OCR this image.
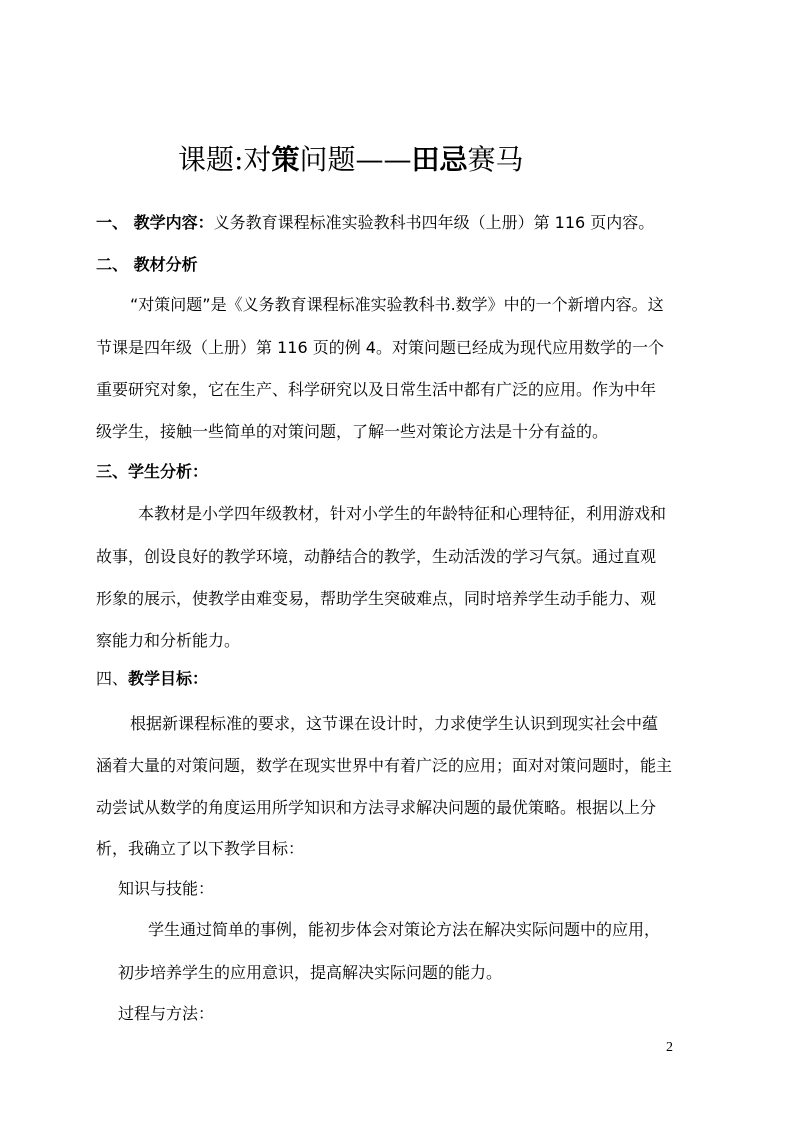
课题:对策问题——田忌赛马
一、 教学内容：义务教育课程标准实验教科书四年级（上册）第 116 页内容。
二、 教材分析
“对策问题”是《义务教育课程标准实验教科书.数学》中的一个新增内容。这
节课是四年级（上册）第 116 页的例 4。对策问题已经成为现代应用数学的一个
重要研究对象，它在生产、科学研究以及日常生活中都有广泛的应用。作为中年
级学生，接触一些简单的对策问题，了解一些对策论方法是十分有益的。
三、学生分析：
本教材是小学四年级教材，针对小学生的年龄特征和心理特征，利用游戏和
故事，创设良好的教学环境，动静结合的教学，生动活泼的学习气氛。通过直观
形象的展示，使教学由难变易，帮助学生突破难点，同时培养学生动手能力、观
察能力和分析能力。
四、教学目标：
根据新课程标准的要求，这节课在设计时，力求使学生认识到现实社会中蕴
涵着大量的对策问题，数学在现实世界中有着广泛的应用；面对对策问题时，能主
动尝试从数学的角度运用所学知识和方法寻求解决问题的最优策略。根据以上分
析，我确立了以下教学目标：
知识与技能：
学生通过简单的事例，能初步体会对策论方法在解决实际问题中的应用，
初步培养学生的应用意识，提高解决实际问题的能力。
过程与方法：
2
